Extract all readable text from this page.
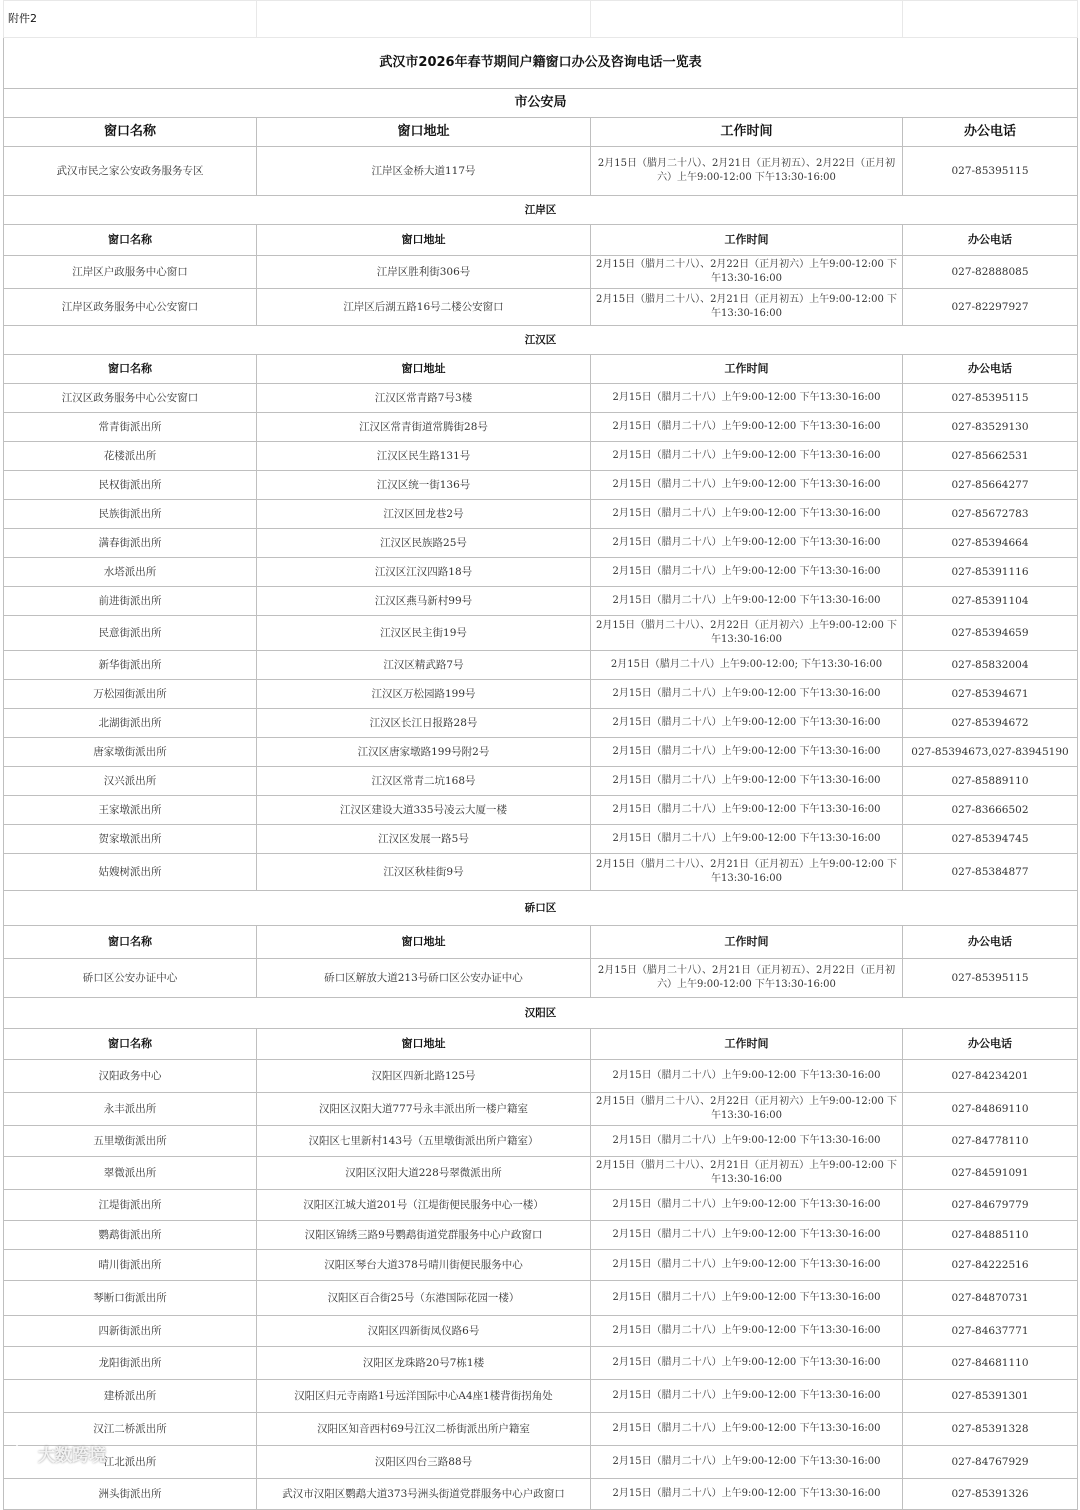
附件2			
武汉市2026年春节期间户籍窗口办公及咨询电话一览表			
市公安局			
窗口名称	窗口地址	工作时间	办公电话
武汉市民之家公安政务服务专区	江岸区金桥大道117号	2月15日（腊月二十八）、2月21日（正月初五）、2月22日（正月初六）上午9:00-12:00 下午13:30-16:00	027-85395115
江岸区			
窗口名称	窗口地址	工作时间	办公电话
江岸区户政服务中心窗口	江岸区胜利街306号	2月15日（腊月二十八）、2月22日（正月初六）上午9:00-12:00 下午13:30-16:00	027-82888085
江岸区政务服务中心公安窗口	江岸区后湖五路16号二楼公安窗口	2月15日（腊月二十八）、2月21日（正月初五）上午9:00-12:00 下午13:30-16:00	027-82297927
江汉区			
窗口名称	窗口地址	工作时间	办公电话
江汉区政务服务中心公安窗口	江汉区常青路7号3楼	2月15日（腊月二十八）上午9:00-12:00 下午13:30-16:00	027-85395115
常青街派出所	江汉区常青街道常腾街28号	2月15日（腊月二十八）上午9:00-12:00 下午13:30-16:00	027-83529130
花楼派出所	江汉区民生路131号	2月15日（腊月二十八）上午9:00-12:00 下午13:30-16:00	027-85662531
民权街派出所	江汉区统一街136号	2月15日（腊月二十八）上午9:00-12:00 下午13:30-16:00	027-85664277
民族街派出所	江汉区回龙巷2号	2月15日（腊月二十八）上午9:00-12:00 下午13:30-16:00	027-85672783
满春街派出所	江汉区民族路25号	2月15日（腊月二十八）上午9:00-12:00 下午13:30-16:00	027-85394664
水塔派出所	江汉区江汉四路18号	2月15日（腊月二十八）上午9:00-12:00 下午13:30-16:00	027-85391116
前进街派出所	江汉区燕马新村99号	2月15日（腊月二十八）上午9:00-12:00 下午13:30-16:00	027-85391104
民意街派出所	江汉区民主街19号	2月15日（腊月二十八）、2月22日（正月初六）上午9:00-12:00 下午13:30-16:00	027-85394659
新华街派出所	江汉区精武路7号	2月15日（腊月二十八）上午9:00-12:00; 下午13:30-16:00	027-85832004
万松园街派出所	江汉区万松园路199号	2月15日（腊月二十八）上午9:00-12:00 下午13:30-16:00	027-85394671
北湖街派出所	江汉区长江日报路28号	2月15日（腊月二十八）上午9:00-12:00 下午13:30-16:00	027-85394672
唐家墩街派出所	江汉区唐家墩路199号附2号	2月15日（腊月二十八）上午9:00-12:00 下午13:30-16:00	027-85394673,027-83945190
汉兴派出所	江汉区常青二坑168号	2月15日（腊月二十八）上午9:00-12:00 下午13:30-16:00	027-85889110
王家墩派出所	江汉区建设大道335号凌云大厦一楼	2月15日（腊月二十八）上午9:00-12:00 下午13:30-16:00	027-83666502
贺家墩派出所	江汉区发展一路5号	2月15日（腊月二十八）上午9:00-12:00 下午13:30-16:00	027-85394745
姑嫂树派出所	江汉区秋桂街9号	2月15日（腊月二十八）、2月21日（正月初五）上午9:00-12:00 下午13:30-16:00	027-85384877
硚口区			
窗口名称	窗口地址	工作时间	办公电话
硚口区公安办证中心	硚口区解放大道213号硚口区公安办证中心	2月15日（腊月二十八）、2月21日（正月初五）、2月22日（正月初六）上午9:00-12:00 下午13:30-16:00	027-85395115
汉阳区			
窗口名称	窗口地址	工作时间	办公电话
汉阳政务中心	汉阳区四新北路125号	2月15日（腊月二十八）上午9:00-12:00 下午13:30-16:00	027-84234201
永丰派出所	汉阳区汉阳大道777号永丰派出所一楼户籍室	2月15日（腊月二十八）、2月22日（正月初六）上午9:00-12:00 下午13:30-16:00	027-84869110
五里墩街派出所	汉阳区七里新村143号（五里墩街派出所户籍室）	2月15日（腊月二十八）上午9:00-12:00 下午13:30-16:00	027-84778110
翠微派出所	汉阳区汉阳大道228号翠微派出所	2月15日（腊月二十八）、2月21日（正月初五）上午9:00-12:00 下午13:30-16:00	027-84591091
江堤街派出所	汉阳区江城大道201号（江堤街便民服务中心一楼）	2月15日（腊月二十八）上午9:00-12:00 下午13:30-16:00	027-84679779
鹦鹉街派出所	汉阳区锦绣三路9号鹦鹉街道党群服务中心户政窗口	2月15日（腊月二十八）上午9:00-12:00 下午13:30-16:00	027-84885110
晴川街派出所	汉阳区琴台大道378号晴川街便民服务中心	2月15日（腊月二十八）上午9:00-12:00 下午13:30-16:00	027-84222516
琴断口街派出所	汉阳区百合街25号（东港国际花园一楼）	2月15日（腊月二十八）上午9:00-12:00 下午13:30-16:00	027-84870731
四新街派出所	汉阳区四新街凤仪路6号	2月15日（腊月二十八）上午9:00-12:00 下午13:30-16:00	027-84637771
龙阳街派出所	汉阳区龙珠路20号7栋1楼	2月15日（腊月二十八）上午9:00-12:00 下午13:30-16:00	027-84681110
建桥派出所	汉阳区归元寺南路1号远洋国际中心A4座1楼背街拐角处	2月15日（腊月二十八）上午9:00-12:00 下午13:30-16:00	027-85391301
汉江二桥派出所	汉阳区知音西村69号江汉二桥街派出所户籍室	2月15日（腊月二十八）上午9:00-12:00 下午13:30-16:00	027-85391328
江北派出所	汉阳区四台三路88号	2月15日（腊月二十八）上午9:00-12:00 下午13:30-16:00	027-84767929
洲头街派出所	武汉市汉阳区鹦鹉大道373号洲头街道党群服务中心户政窗口	2月15日（腊月二十八）上午9:00-12:00 下午13:30-16:00	027-85391326
大数跨境
